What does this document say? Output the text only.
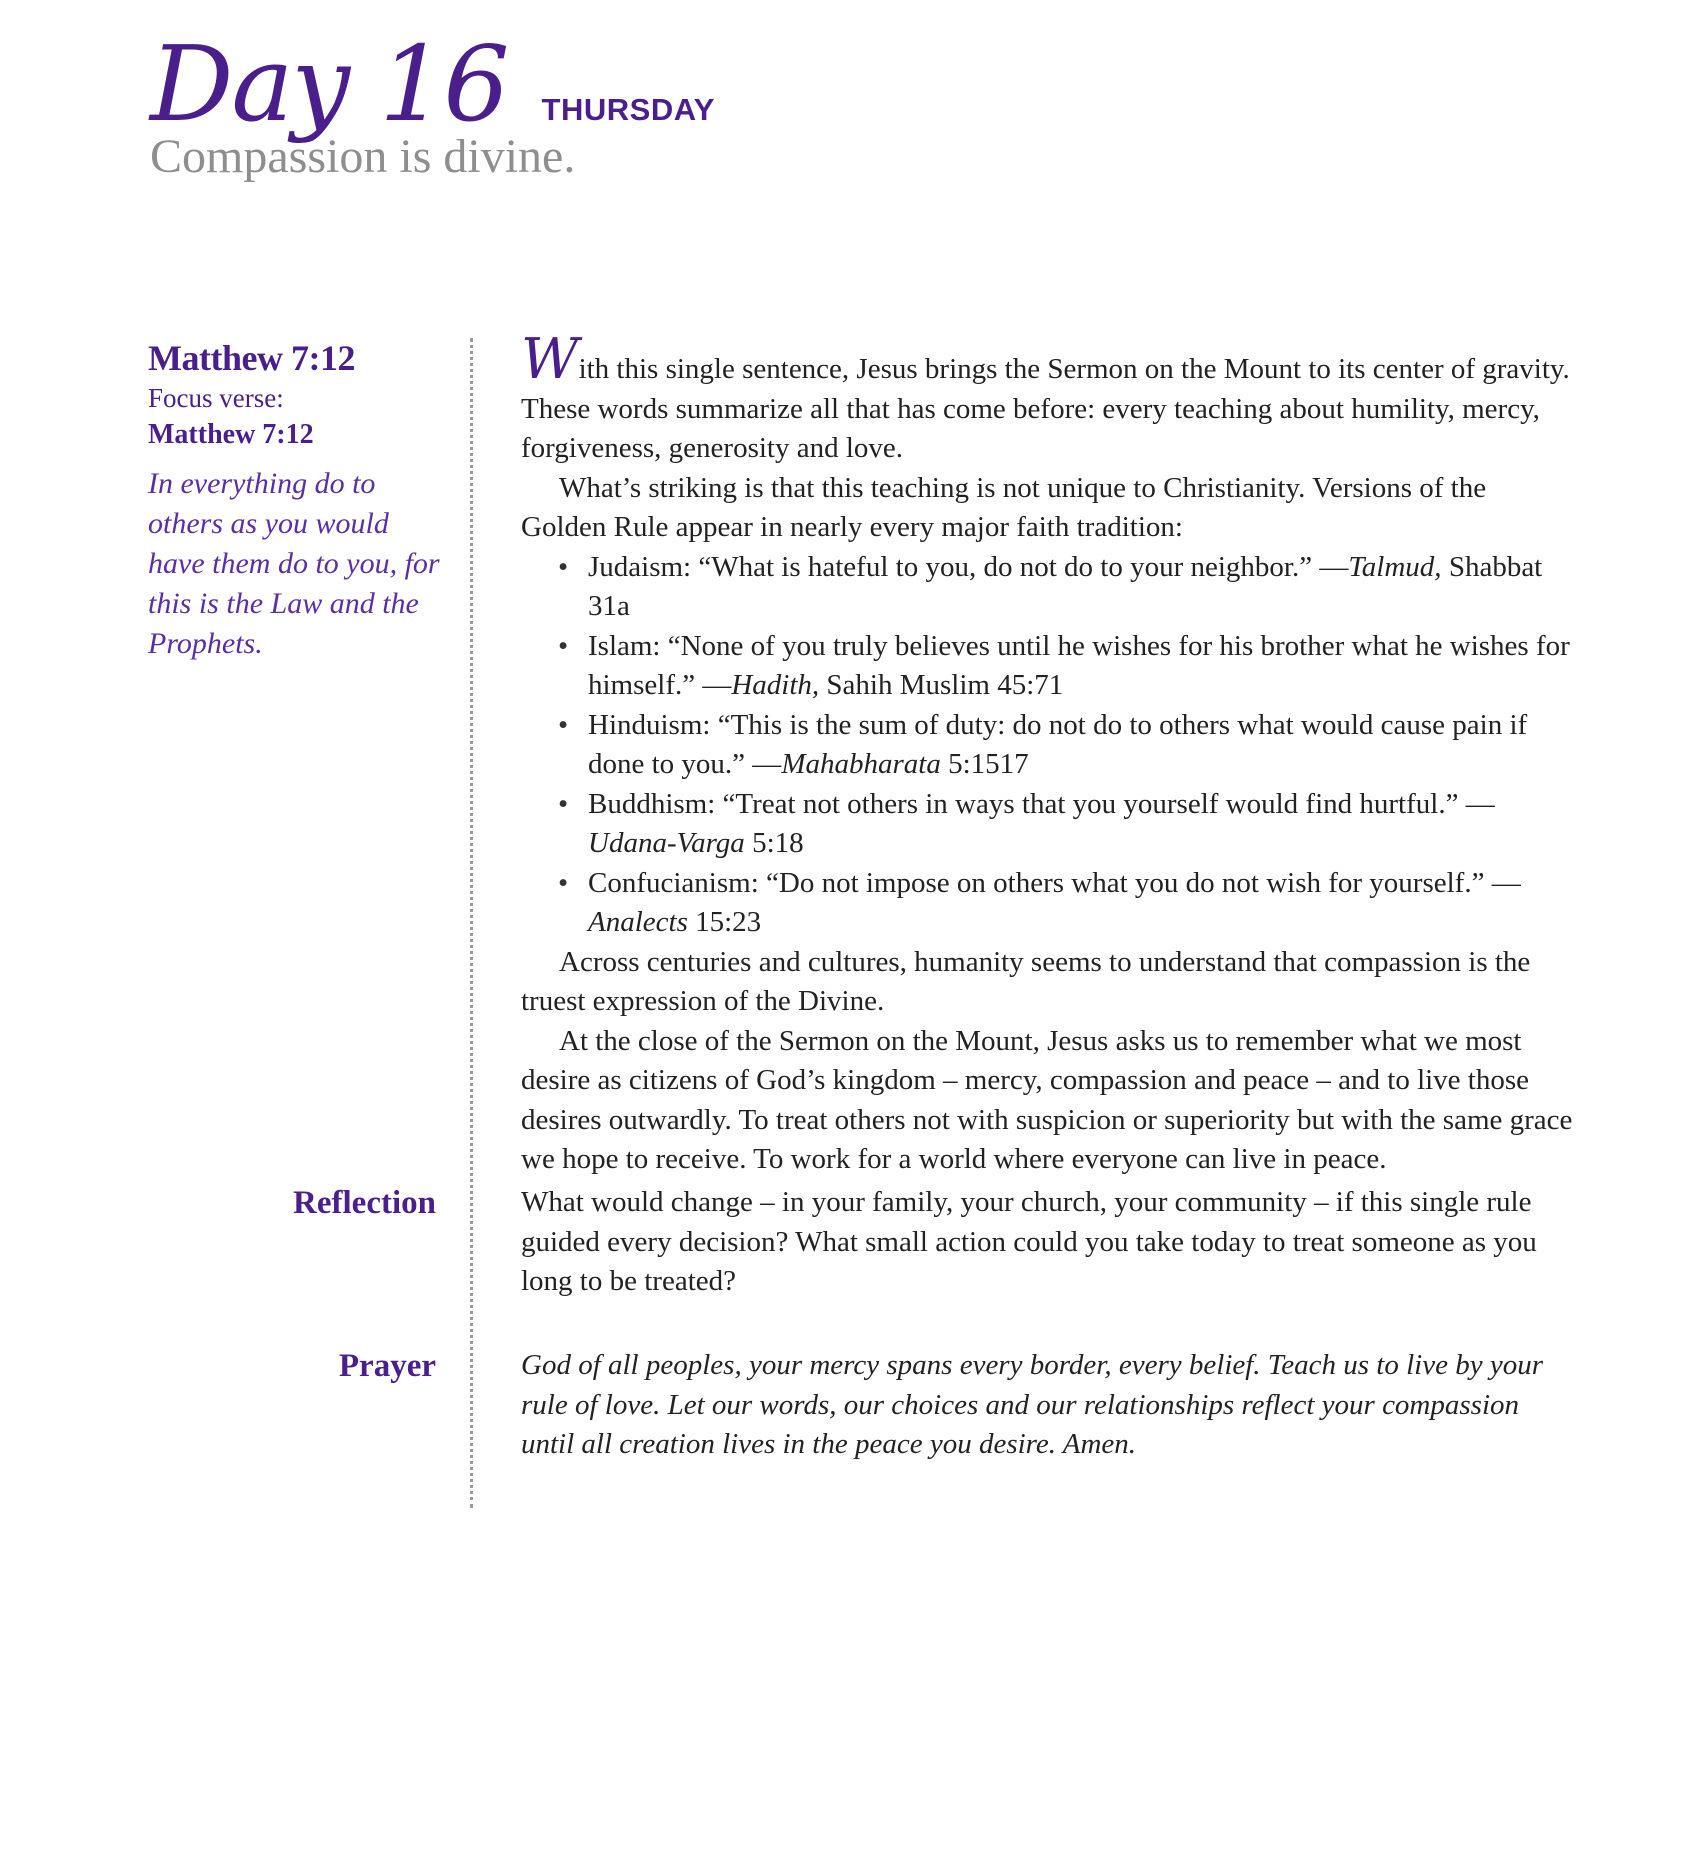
Day 16 THURSDAY

Compassion is divine.

Matthew 7:12

Focus verse:

Matthew 7:12

In everything do to others as you would have them do to you, for this is the Law and the Prophets.

With this single sentence, Jesus brings the Sermon on the Mount to its center of gravity. These words summarize all that has come before: every teaching about humility, mercy, forgiveness, generosity and love.

What’s striking is that this teaching is not unique to Christianity. Versions of the Golden Rule appear in nearly every major faith tradition:

• Judaism: “What is hateful to you, do not do to your neighbor.” —Talmud, Shabbat 31a
• Islam: “None of you truly believes until he wishes for his brother what he wishes for himself.” —Hadith, Sahih Muslim 45:71
• Hinduism: “This is the sum of duty: do not do to others what would cause pain if done to you.” —Mahabharata 5:1517
• Buddhism: “Treat not others in ways that you yourself would find hurtful.” —Udana-Varga 5:18
• Confucianism: “Do not impose on others what you do not wish for yourself.” — Analects 15:23

Across centuries and cultures, humanity seems to understand that compassion is the truest expression of the Divine.

At the close of the Sermon on the Mount, Jesus asks us to remember what we most desire as citizens of God’s kingdom – mercy, compassion and peace – and to live those desires outwardly. To treat others not with suspicion or superiority but with the same grace we hope to receive. To work for a world where everyone can live in peace.

Reflection	What would change – in your family, your church, your community – if this single rule guided every decision? What small action could you take today to treat someone as you long to be treated?

Prayer	God of all peoples, your mercy spans every border, every belief. Teach us to live by your rule of love. Let our words, our choices and our relationships reflect your compassion until all creation lives in the peace you desire. Amen.
